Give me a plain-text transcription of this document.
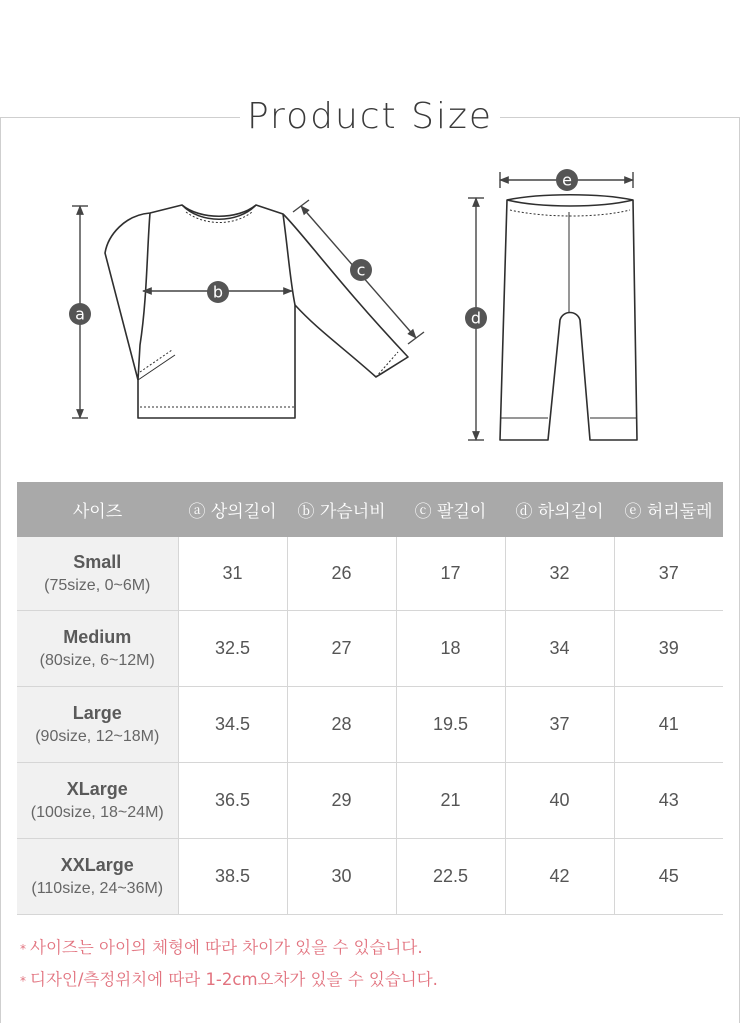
Product Size
a
b
c
d
e
사이즈	ⓐ 상의길이	ⓑ 가슴너비	ⓒ 팔길이	ⓓ 하의길이	ⓔ 허리둘레

Small
(75size, 0~6M)	31	26	17	32	37

Medium
(80size, 6~12M)	32.5	27	18	34	39

Large
(90size, 12~18M)	34.5	28	19.5	37	41

XLarge
(100size, 18~24M)	36.5	29	21	40	43

XXLarge
(110size, 24~36M)	38.5	30	22.5	42	45
* 사이즈는 아이의 체형에 따라 차이가 있을 수 있습니다.
* 디자인/측정위치에 따라 1-2cm오차가 있을 수 있습니다.
